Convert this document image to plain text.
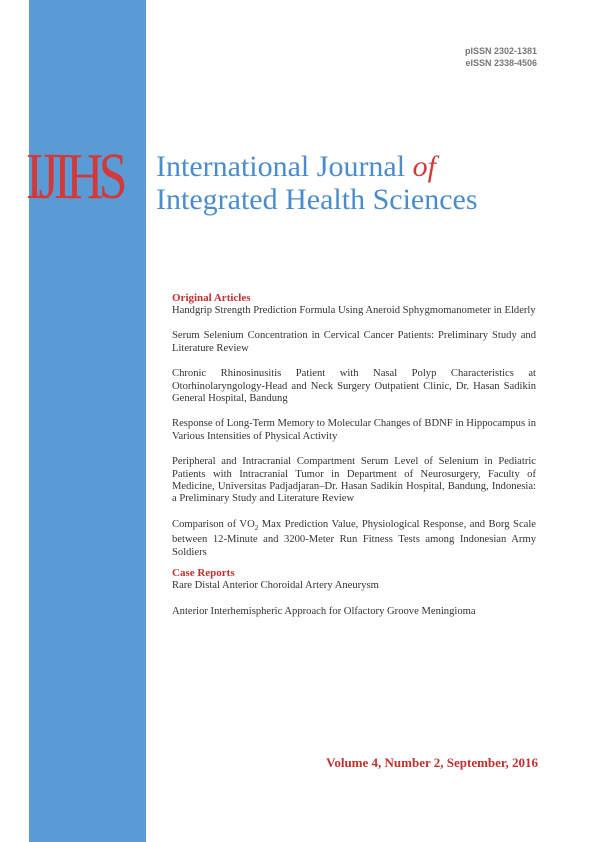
pISSN 2302-1381
eISSN 2338-4506
IJIHS International Journal of
Integrated Health Sciences
Original Articles
Handgrip Strength Prediction Formula Using Aneroid Sphygmomanometer in Elderly
Serum Selenium Concentration in Cervical Cancer Patients: Preliminary Study and Literature Review
Chronic Rhinosinusitis Patient with Nasal Polyp Characteristics at Otorhinolaryngology-Head and Neck Surgery Outpatient Clinic, Dr. Hasan Sadikin General Hospital, Bandung
Response of Long-Term Memory to Molecular Changes of BDNF in Hippocampus in Various Intensities of Physical Activity
Peripheral and Intracranial Compartment Serum Level of Selenium in Pediatric Patients with Intracranial Tumor in Department of Neurosurgery, Faculty of Medicine, Universitas Padjadjaran–Dr. Hasan Sadikin Hospital, Bandung, Indonesia: a Preliminary Study and Literature Review
Comparison of $VO_2$ Max Prediction Value, Physiological Response, and Borg Scale between 12-Minute and 3200-Meter Run Fitness Tests among Indonesian Army Soldiers
Case Reports
Rare Distal Anterior Choroidal Artery Aneurysm
Anterior Interhemispheric Approach for Olfactory Groove Meningioma
Volume 4, Number 2, September, 2016
